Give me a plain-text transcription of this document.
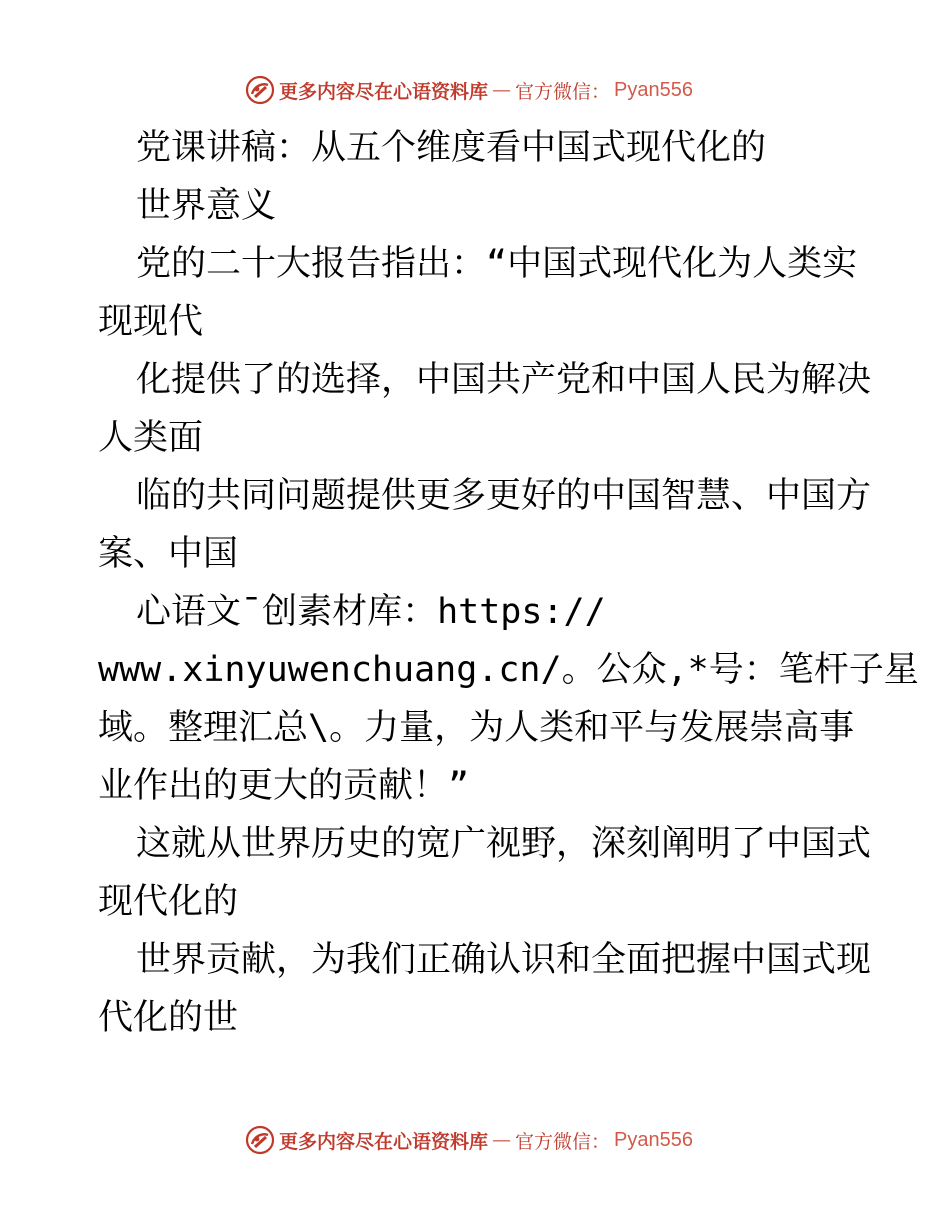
更多内容尽在心语资料库 — 官方微信： Pyan556
党课讲稿：从五个维度看中国式现代化的
世界意义
党的二十大报告指出：“中国式现代化为人类实
现现代
化提供了的选择，中国共产党和中国人民为解决
人类面
临的共同问题提供更多更好的中国智慧、中国方
案、中国
心语文¯创素材库：https://
www.xinyuwenchuang.cn/。公众,*号：笔杆子星
域。整理汇总\。力量，为人类和平与发展崇高事
业作出的更大的贡献！”
这就从世界历史的宽广视野，深刻阐明了中国式
现代化的
世界贡献，为我们正确认识和全面把握中国式现
代化的世
更多内容尽在心语资料库 — 官方微信： Pyan556
